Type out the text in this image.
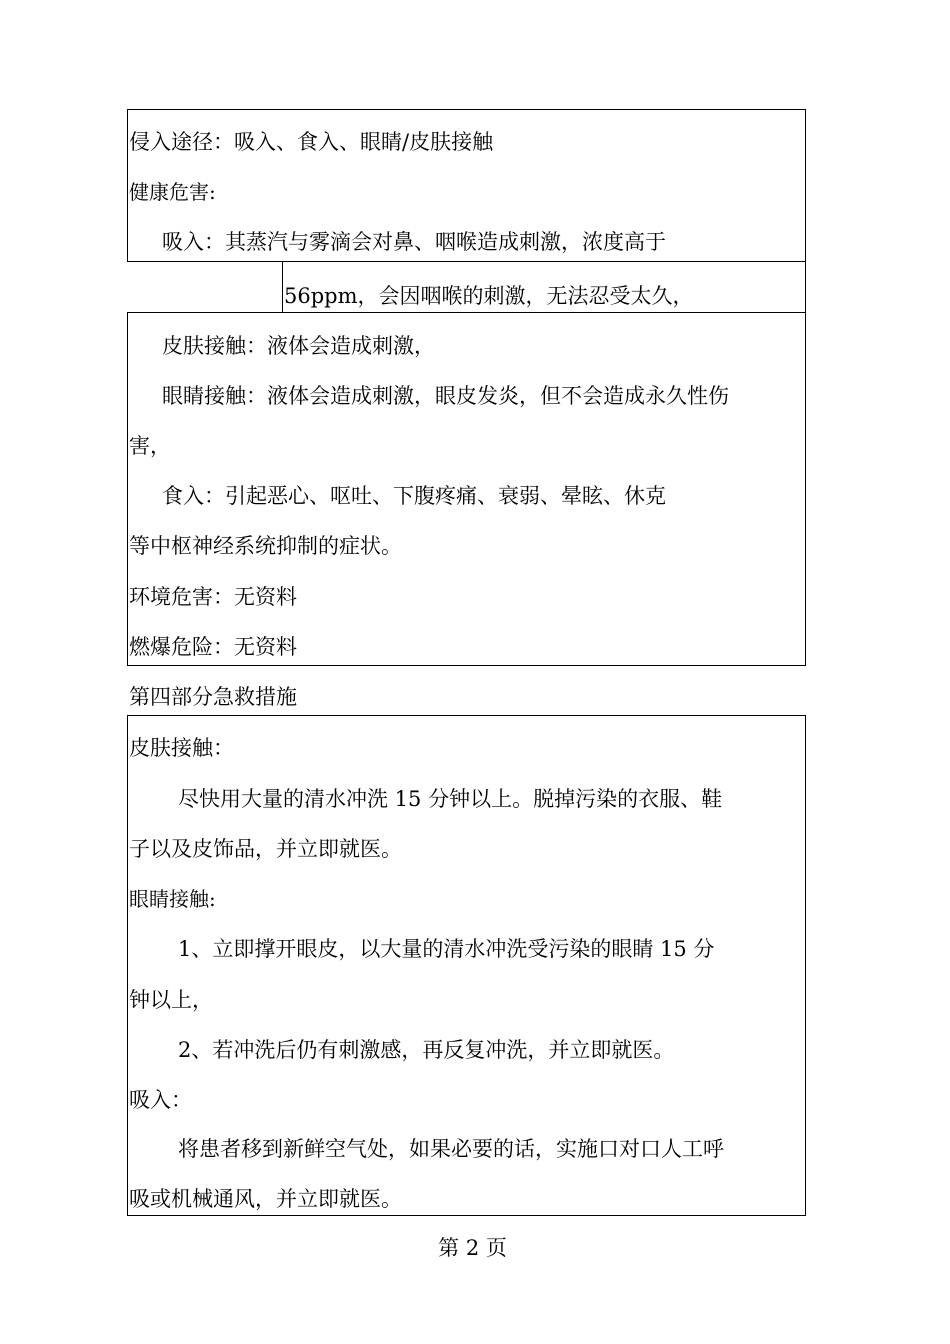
侵入途径：吸入、食入、眼睛/皮肤接触
健康危害:
吸入：其蒸汽与雾滴会对鼻、咽喉造成刺激，浓度高于
56ppm，会因咽喉的刺激，无法忍受太久，
皮肤接触：液体会造成刺激，
眼睛接触：液体会造成刺激，眼皮发炎，但不会造成永久性伤
害，
食入：引起恶心、呕吐、下腹疼痛、衰弱、晕眩、休克
等中枢神经系统抑制的症状。
环境危害：无资料
燃爆危险：无资料
第四部分急救措施
皮肤接触：
尽快用大量的清水冲洗 15 分钟以上。脱掉污染的衣服、鞋
子以及皮饰品，并立即就医。
眼睛接触:
1、立即撑开眼皮，以大量的清水冲洗受污染的眼睛 15 分
钟以上，
2、若冲洗后仍有刺激感，再反复冲洗，并立即就医。
吸入：
将患者移到新鲜空气处，如果必要的话，实施口对口人工呼
吸或机械通风，并立即就医。
第 2 页
